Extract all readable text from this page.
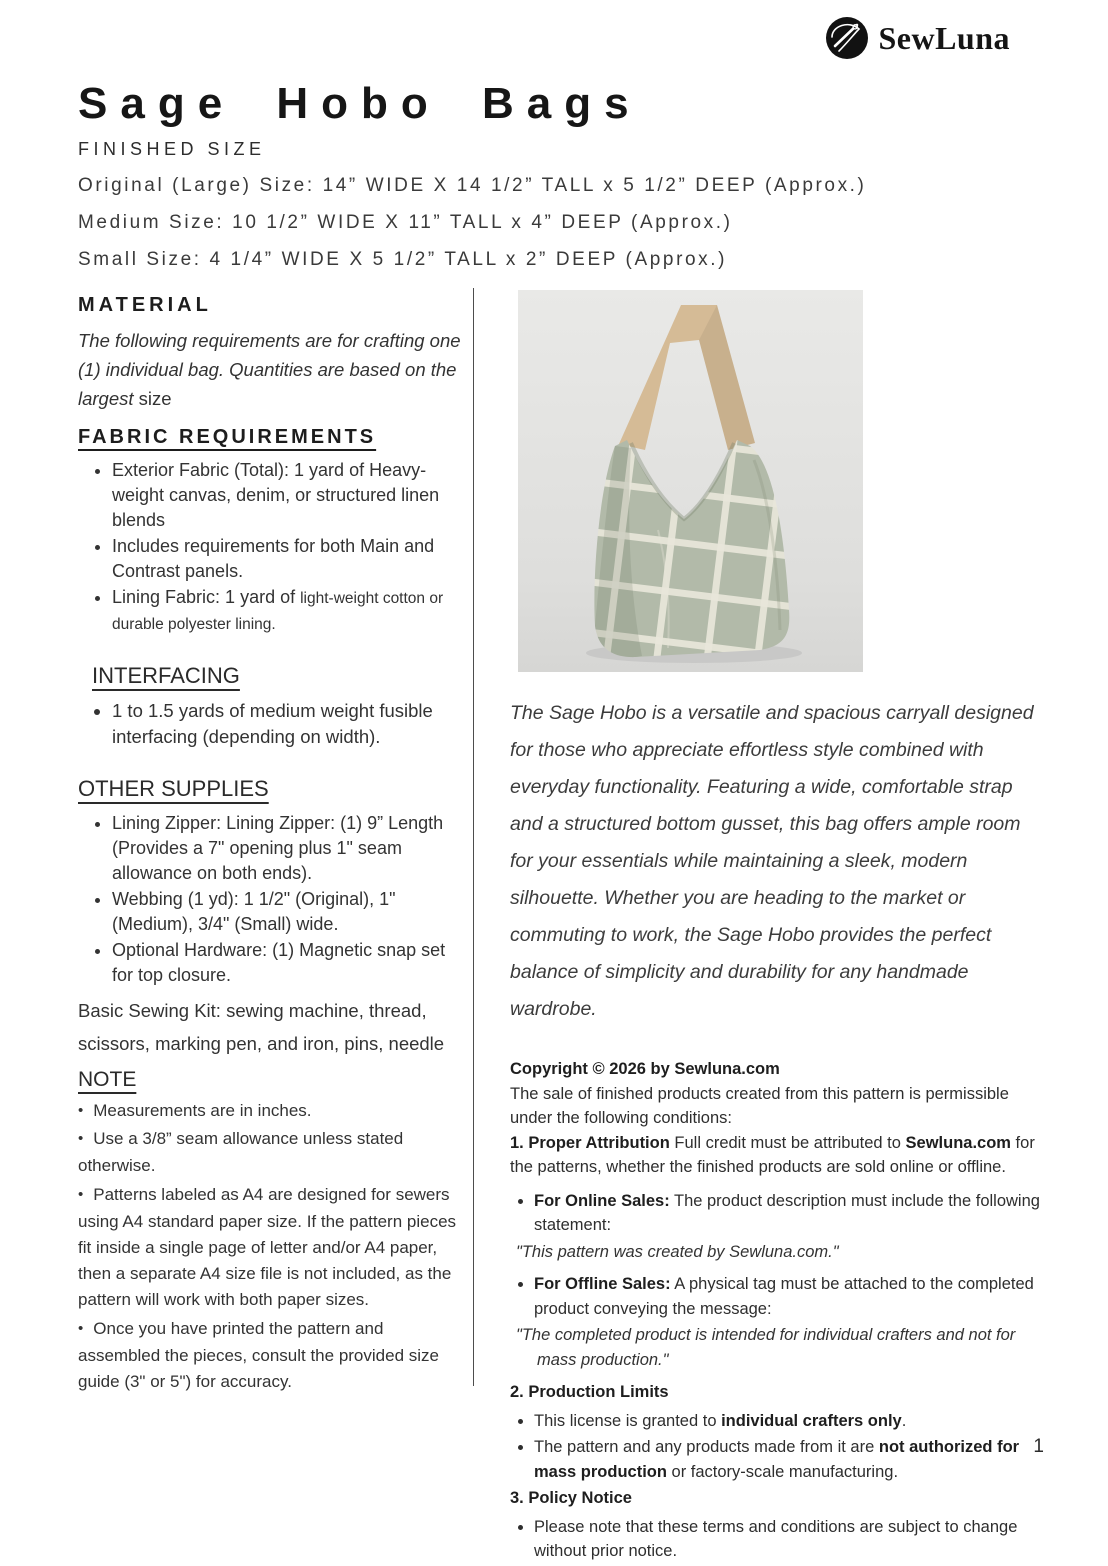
SewLuna
Sage Hobo Bags
FINISHED SIZE
Original (Large) Size: 14” WIDE X 14 1/2” TALL x 5 1/2” DEEP (Approx.)
Medium Size: 10 1/2” WIDE X 11” TALL x 4” DEEP (Approx.)
Small Size: 4 1/4” WIDE X 5 1/2” TALL x 2” DEEP (Approx.)
MATERIAL

The following requirements are for crafting one (1) individual bag. Quantities are based on the largest size

FABRIC REQUIREMENTS
• Exterior Fabric (Total): 1 yard of Heavy-weight canvas, denim, or structured linen blends
• Includes requirements for both Main and Contrast panels.
• Lining Fabric: 1 yard of light-weight cotton or durable polyester lining.
INTERFACING
• 1 to 1.5 yards of medium weight fusible interfacing (depending on width).
OTHER SUPPLIES
• Lining Zipper: Lining Zipper: (1) 9” Length (Provides a 7" opening plus 1" seam allowance on both ends).
• Webbing (1 yd): 1 1/2" (Original), 1" (Medium), 3/4" (Small) wide.
• Optional Hardware: (1) Magnetic snap set for top closure.

Basic Sewing Kit: sewing machine, thread, scissors, marking pen, and iron, pins, needle

NOTE

• Measurements are in inches.

• Use a 3/8” seam allowance unless stated otherwise.

• Patterns labeled as A4 are designed for sewers using A4 standard paper size. If the pattern pieces fit inside a single page of letter and/or A4 paper, then a separate A4 size file is not included, as the pattern will work with both paper sizes.

• Once you have printed the pattern and assembled the pieces, consult the provided size guide (3" or 5") for accuracy.

The Sage Hobo is a versatile and spacious carryall designed for those who appreciate effortless style combined with everyday functionality. Featuring a wide, comfortable strap and a structured bottom gusset, this bag offers ample room for your essentials while maintaining a sleek, modern silhouette. Whether you are heading to the market or commuting to work, the Sage Hobo provides the perfect balance of simplicity and durability for any handmade wardrobe.

Copyright © 2026 by Sewluna.com
The sale of finished products created from this pattern is permissible under the following conditions:
1. Proper Attribution Full credit must be attributed to Sewluna.com for the patterns, whether the finished products are sold online or offline.
• For Online Sales: The product description must include the following statement:
"This pattern was created by Sewluna.com."
• For Offline Sales: A physical tag must be attached to the completed product conveying the message:
"The completed product is intended for individual crafters and not for mass production."
2. Production Limits
• This license is granted to individual crafters only.
• The pattern and any products made from it are not authorized for mass production or factory-scale manufacturing.
3. Policy Notice
• Please note that these terms and conditions are subject to change without prior notice.
1
